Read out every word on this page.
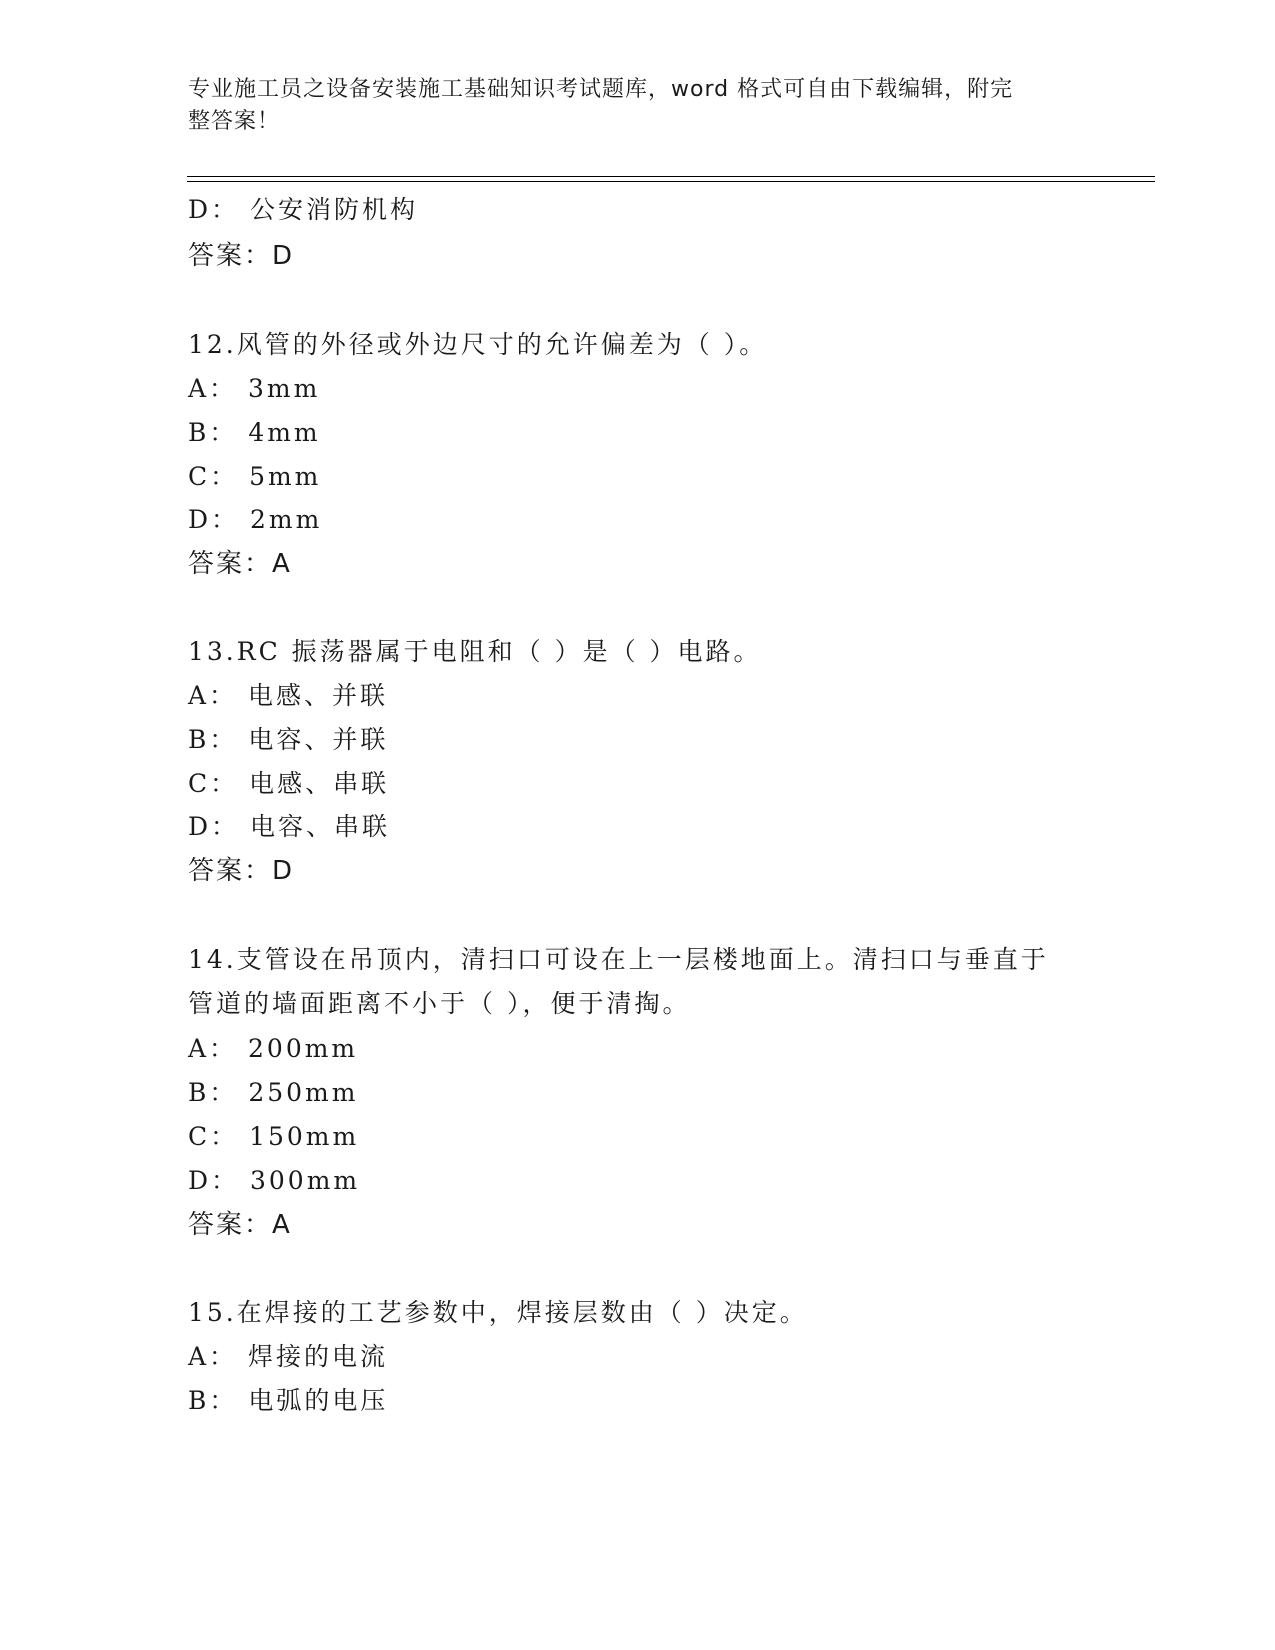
专业施工员之设备安装施工基础知识考试题库，word 格式可自由下载编辑，附完
整答案！
D： 公安消防机构
答案：D
12.风管的外径或外边尺寸的允许偏差为（ ）。
A： 3mm
B： 4mm
C： 5mm
D： 2mm
答案：A
13.RC 振荡器属于电阻和（ ）是（ ）电路。
A： 电感、并联
B： 电容、并联
C： 电感、串联
D： 电容、串联
答案：D
14.支管设在吊顶内，清扫口可设在上一层楼地面上。清扫口与垂直于
管道的墙面距离不小于（ ），便于清掏。
A： 200mm
B： 250mm
C： 150mm
D： 300mm
答案：A
15.在焊接的工艺参数中，焊接层数由（ ）决定。
A： 焊接的电流
B： 电弧的电压
